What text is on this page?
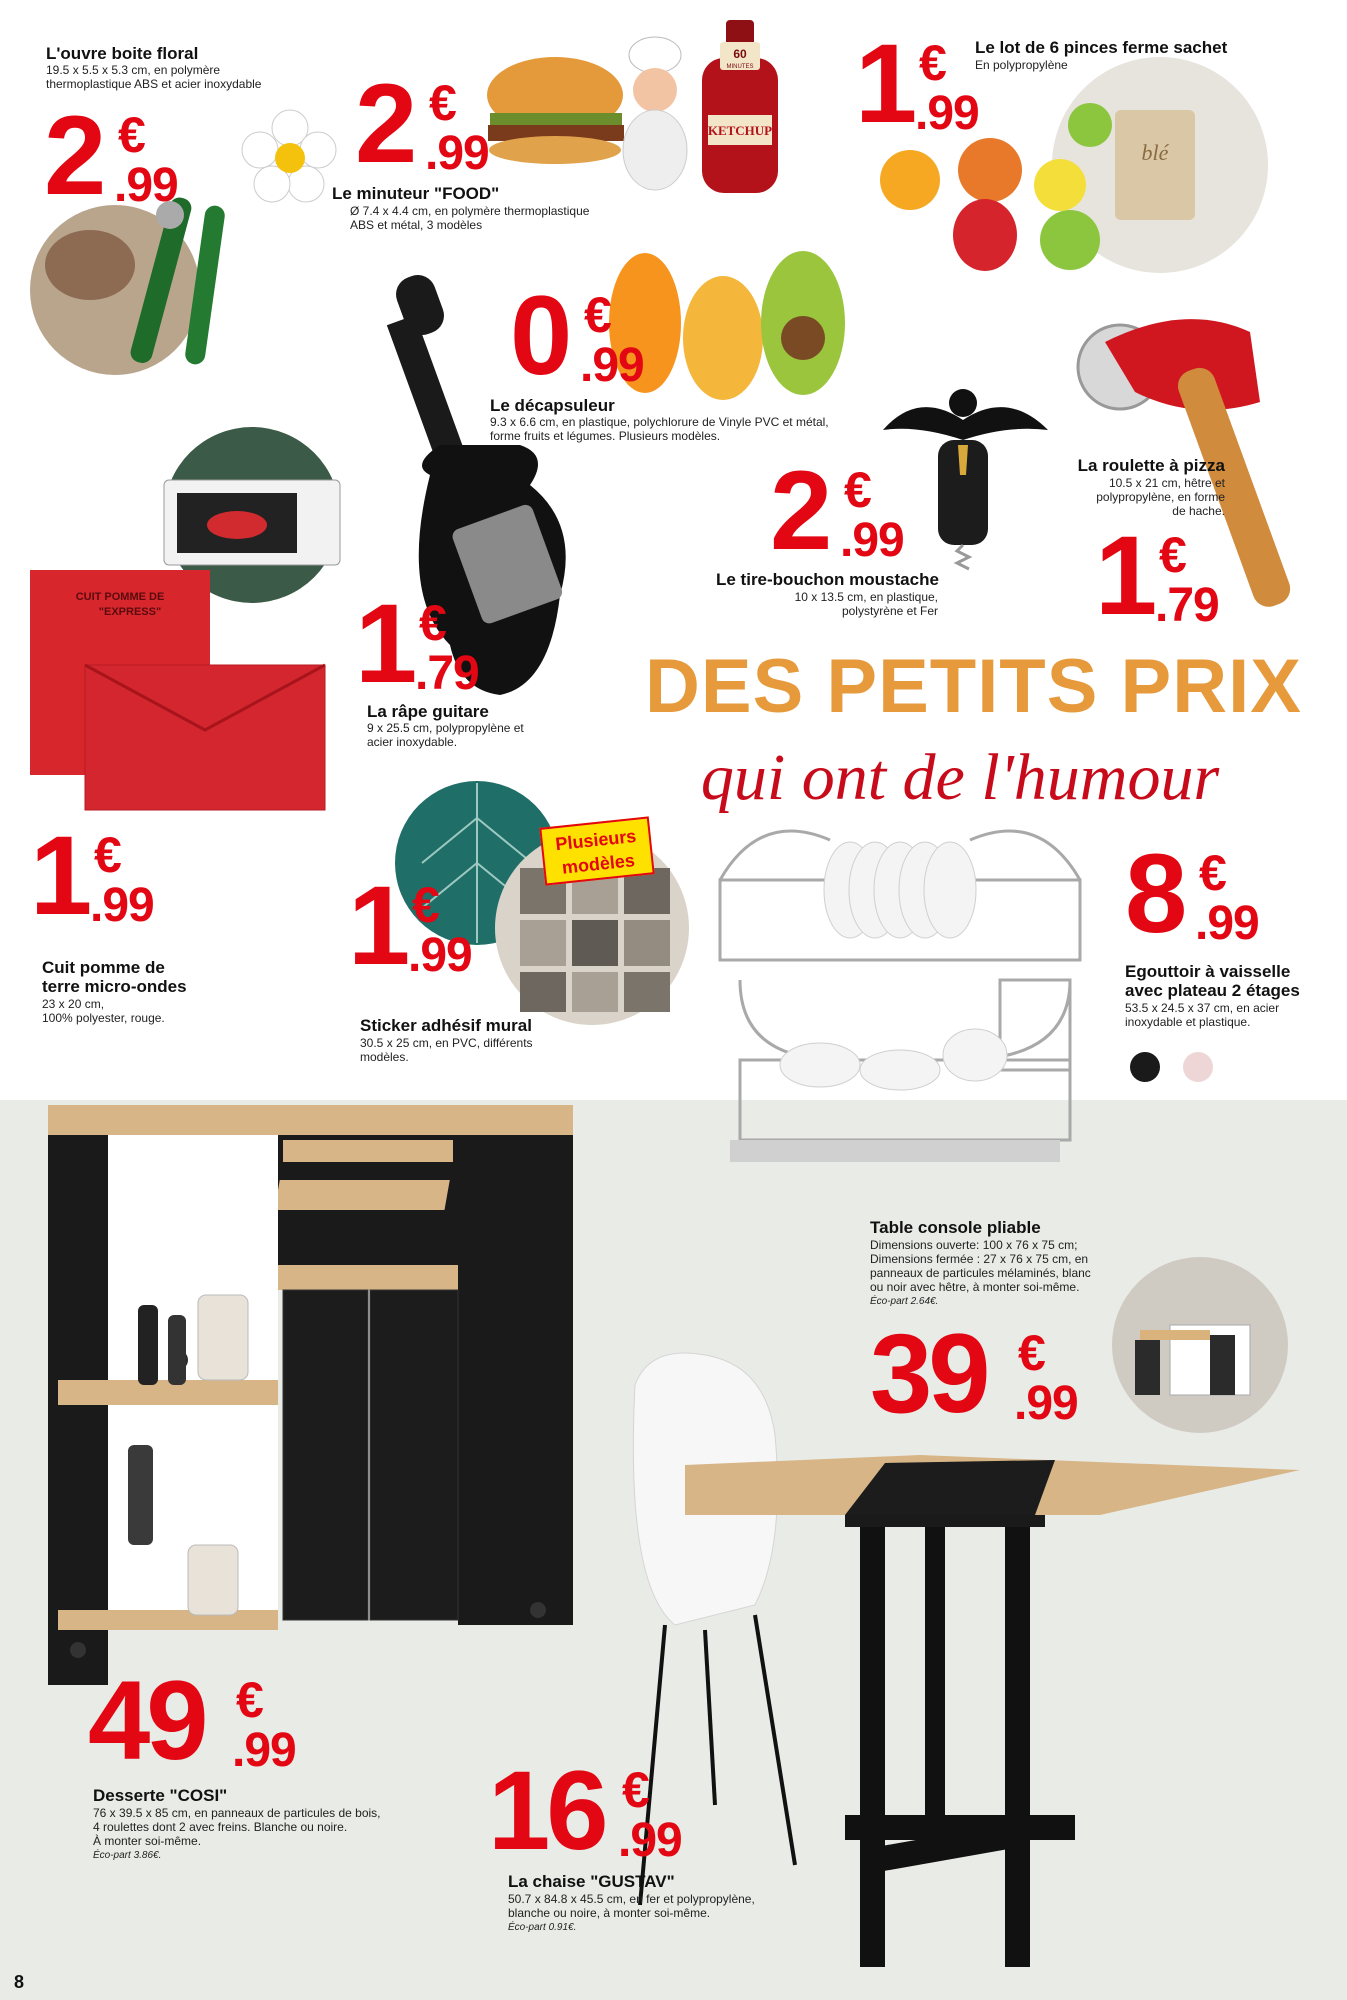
L'ouvre boite floral
19.5 x 5.5 x 5.3 cm, en polymère
thermoplastique ABS et acier inoxydable
2 €
.99
60
MINUTES
KETCHUP
2 €
.99
Le minuteur "FOOD"
Ø 7.4 x 4.4 cm, en polymère thermoplastique
ABS et métal, 3 modèles
1 €
.99
Le lot de 6 pinces ferme sachet
En polypropylène
blé
0 €
.99
Le décapsuleur
9.3 x 6.6 cm, en plastique, polychlorure de Vinyle PVC et métal,
forme fruits et légumes. Plusieurs modèles.
2 €
.99
Le tire-bouchon moustache
10 x 13.5 cm, en plastique,
polystyrène et Fer
La roulette à pizza
10.5 x 21 cm, hêtre et
polypropylène, en forme
de hache.
1 €
.79
1 €
.79
La râpe guitare
9 x 25.5 cm, polypropylène et
acier inoxydable.
CUIT POMME DE
"EXPRESS"
1 €
.99
Cuit pomme de
terre micro-ondes
23 x 20 cm,
100% polyester, rouge.
Plusieurs
modèles
1 €
.99
Sticker adhésif mural
30.5 x 25 cm, en PVC, différents
modèles.
DES PETITS PRIX
qui ont de l'humour
8 €
.99
Egouttoir à vaisselle
avec plateau 2 étages
53.5 x 24.5 x 37 cm, en acier
inoxydable et plastique.
Table console pliable
Dimensions ouverte: 100 x 76 x 75 cm;
Dimensions fermée : 27 x 76 x 75 cm, en
panneaux de particules mélaminés, blanc
ou noir avec hêtre, à monter soi-même.
Éco-part 2.64€.
39 €
.99
49 €
.99
Desserte "COSI"
76 x 39.5 x 85 cm, en panneaux de particules de bois,
4 roulettes dont 2 avec freins. Blanche ou noire.
À monter soi-même.
Éco-part 3.86€.	16 €
.99
La chaise "GUSTAV"
50.7 x 84.8 x 45.5 cm, en fer et polypropylène,
blanche ou noire, à monter soi-même.
Éco-part 0.91€.
8
